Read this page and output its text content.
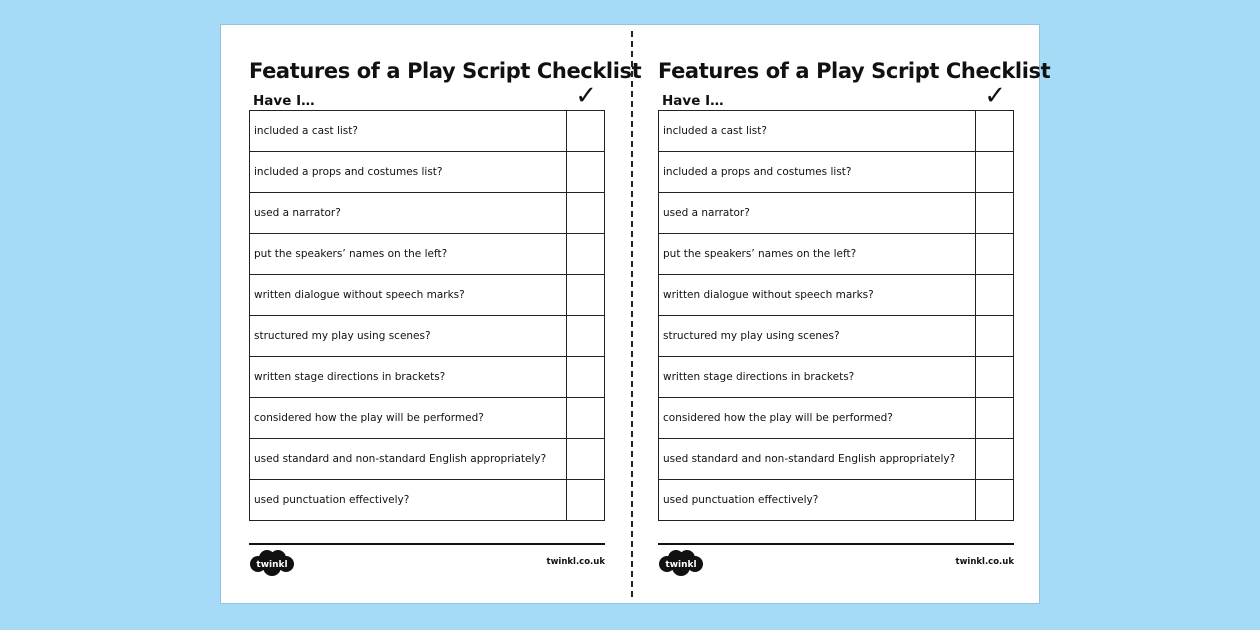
Features of a Play Script Checklist
Have I…	✓
included a cast list?	
included a props and costumes list?	
used a narrator?	
put the speakers’ names on the left?	
written dialogue without speech marks?	
structured my play using scenes?	
written stage directions in brackets?	
considered how the play will be performed?	
used standard and non-standard English appropriately?	
used punctuation effectively?	
twinkl	twinkl.co.uk
Features of a Play Script Checklist
Have I…	✓
included a cast list?	
included a props and costumes list?	
used a narrator?	
put the speakers’ names on the left?	
written dialogue without speech marks?	
structured my play using scenes?	
written stage directions in brackets?	
considered how the play will be performed?	
used standard and non-standard English appropriately?	
used punctuation effectively?	
twinkl	twinkl.co.uk
